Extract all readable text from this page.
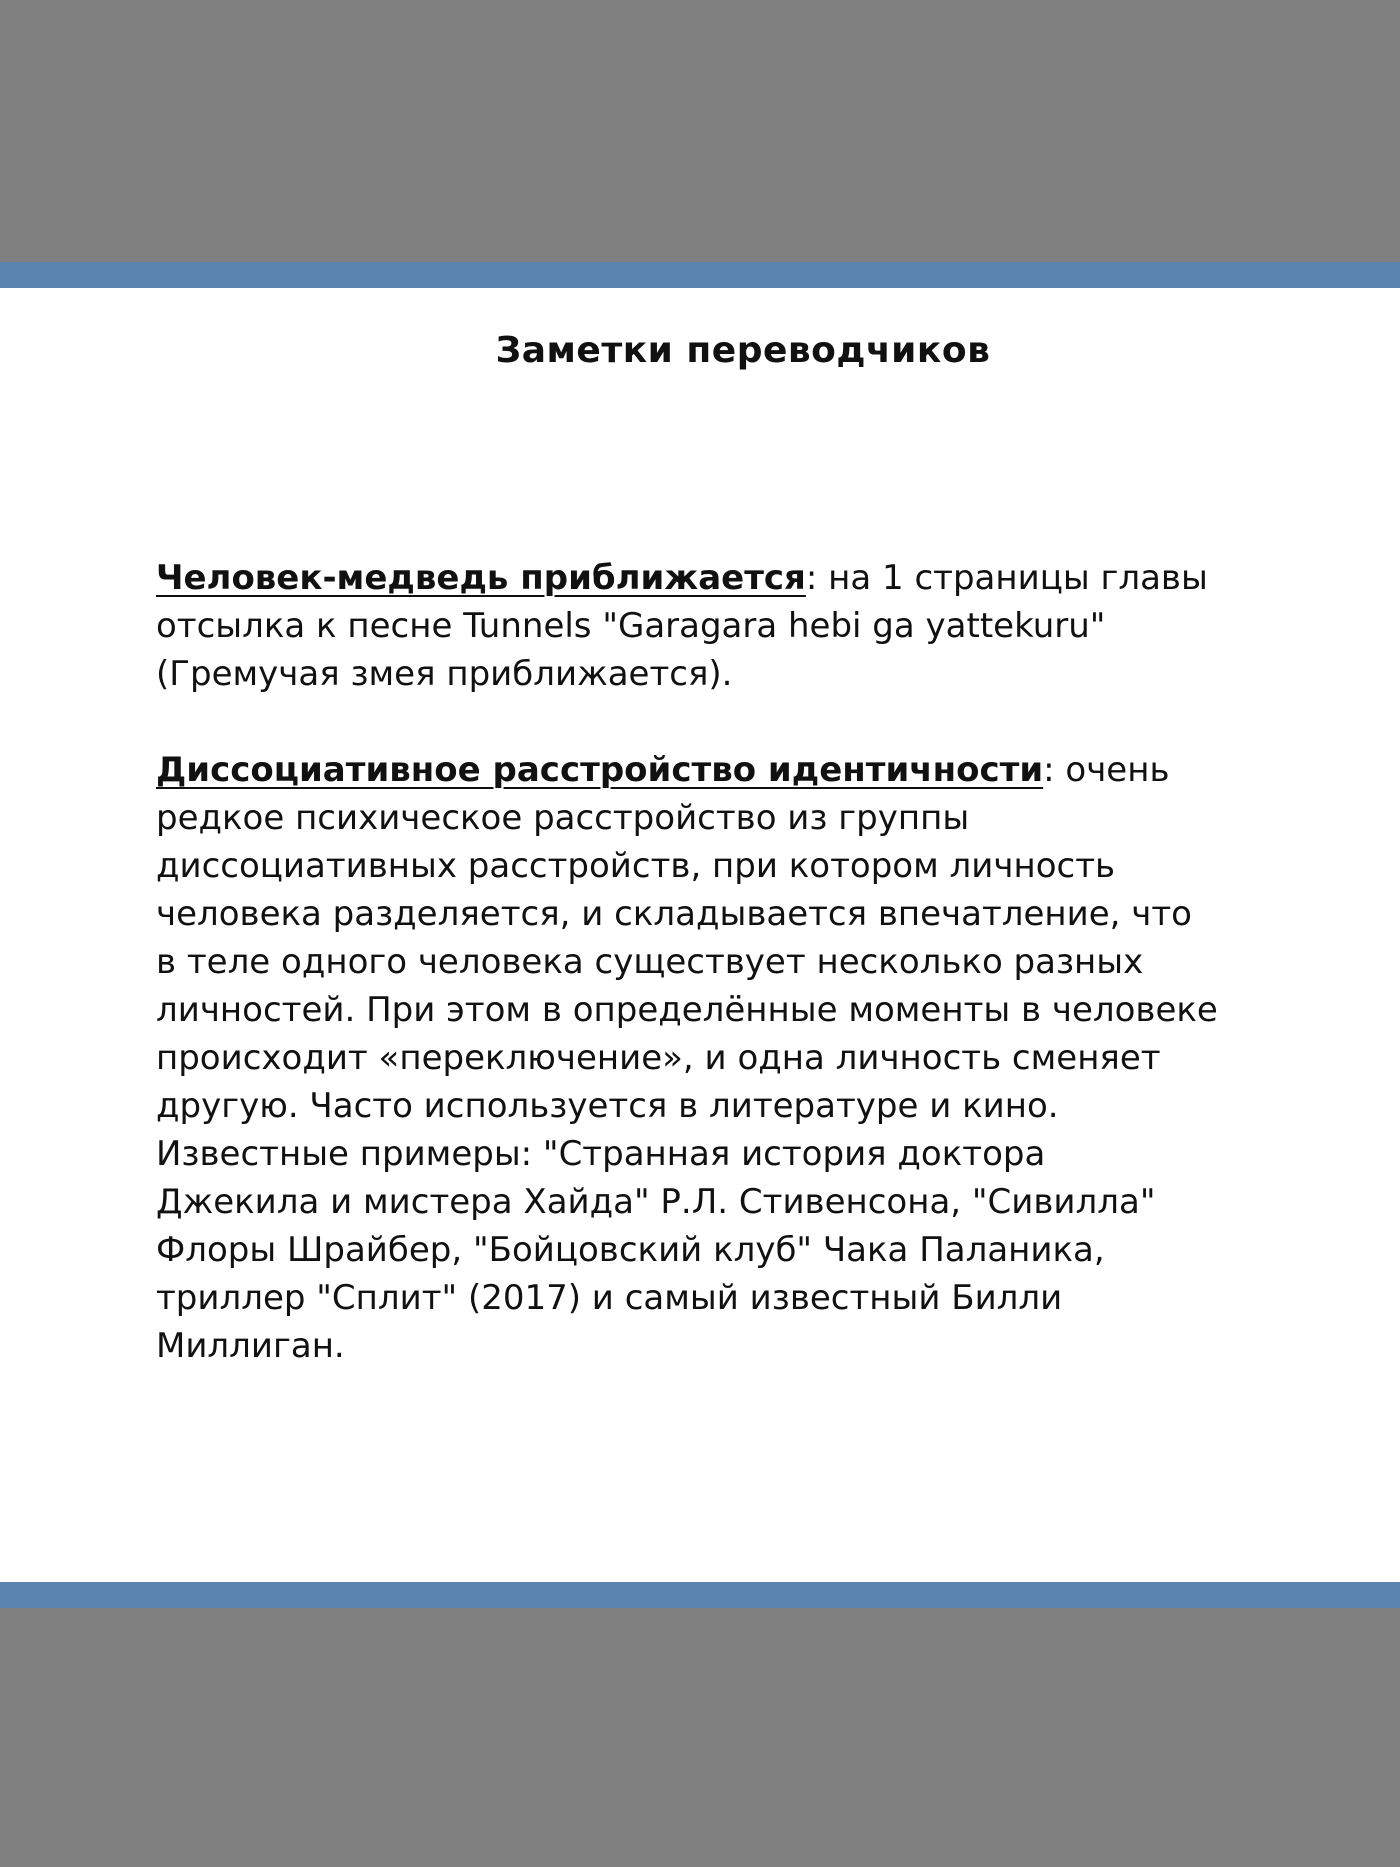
Заметки переводчиков

Человек-медведь приближается: на 1 страницы главы отсылка к песне Tunnels "Garagara hebi ga yattekuru" (Гремучая змея приближается).

Диссоциативное расстройство идентичности: очень редкое психическое расстройство из группы диссоциативных расстройств, при котором личность человека разделяется, и складывается впечатление, что в теле одного человека существует несколько разных личностей. При этом в определённые моменты в человеке происходит «переключение», и одна личность сменяет другую. Часто используется в литературе и кино. Известные примеры: "Странная история доктора Джекила и мистера Хайда" Р.Л. Стивенсона, "Сивилла" Флоры Шрайбер, "Бойцовский клуб" Чака Паланика, триллер "Сплит" (2017) и самый известный Билли Миллиган.
